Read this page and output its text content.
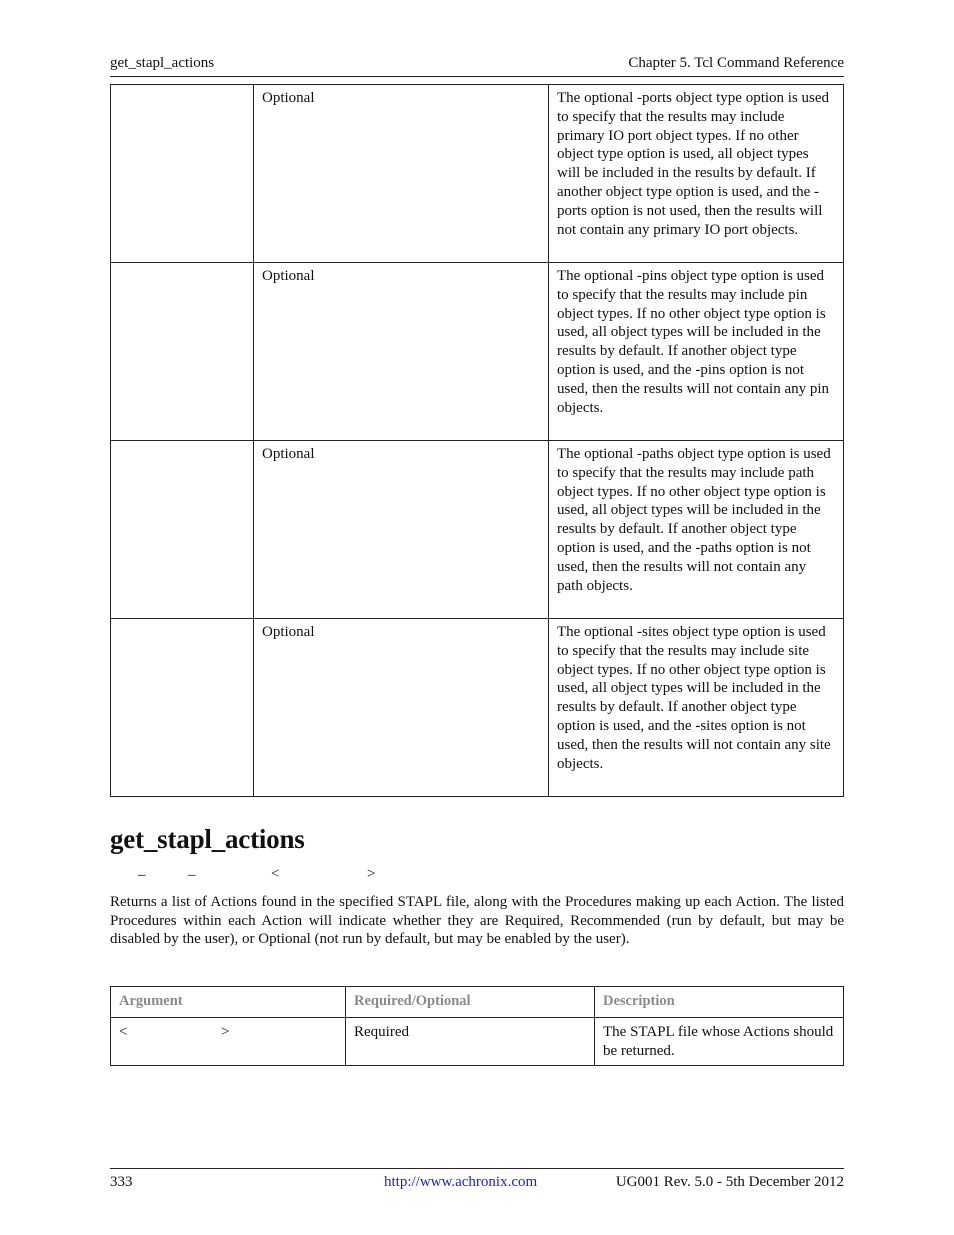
get_stapl_actions	Chapter 5. Tcl Command Reference
	Optional	The optional -ports object type option is used to specify that the results may include primary IO port object types. If no other object type option is used, all object types will be included in the results by default. If another object type option is used, and the -ports option is not used, then the results will not contain any primary IO port objects.
	Optional	The optional -pins object type option is used to specify that the results may include pin object types. If no other object type option is used, all object types will be included in the results by default. If another object type option is used, and the -pins option is not used, then the results will not contain any pin objects.
	Optional	The optional -paths object type option is used to specify that the results may include path object types. If no other object type option is used, all object types will be included in the results by default. If another object type option is used, and the -paths option is not used, then the results will not contain any path objects.
	Optional	The optional -sites object type option is used to specify that the results may include site object types. If no other object type option is used, all object types will be included in the results by default. If another object type option is used, and the -sites option is not used, then the results will not contain any site objects.
get_stapl_actions
_	_	<	>

Returns a list of Actions found in the specified STAPL file, along with the Procedures making up each Action. The listed Procedures within each Action will indicate whether they are Required, Recommended (run by default, but may be disabled by the user), or Optional (not run by default, but may be enabled by the user).

Argument	Required/Optional	Description
< >	Required	The STAPL file whose Actions should be returned.
333	http://www.achronix.com	UG001 Rev. 5.0 - 5th December 2012
